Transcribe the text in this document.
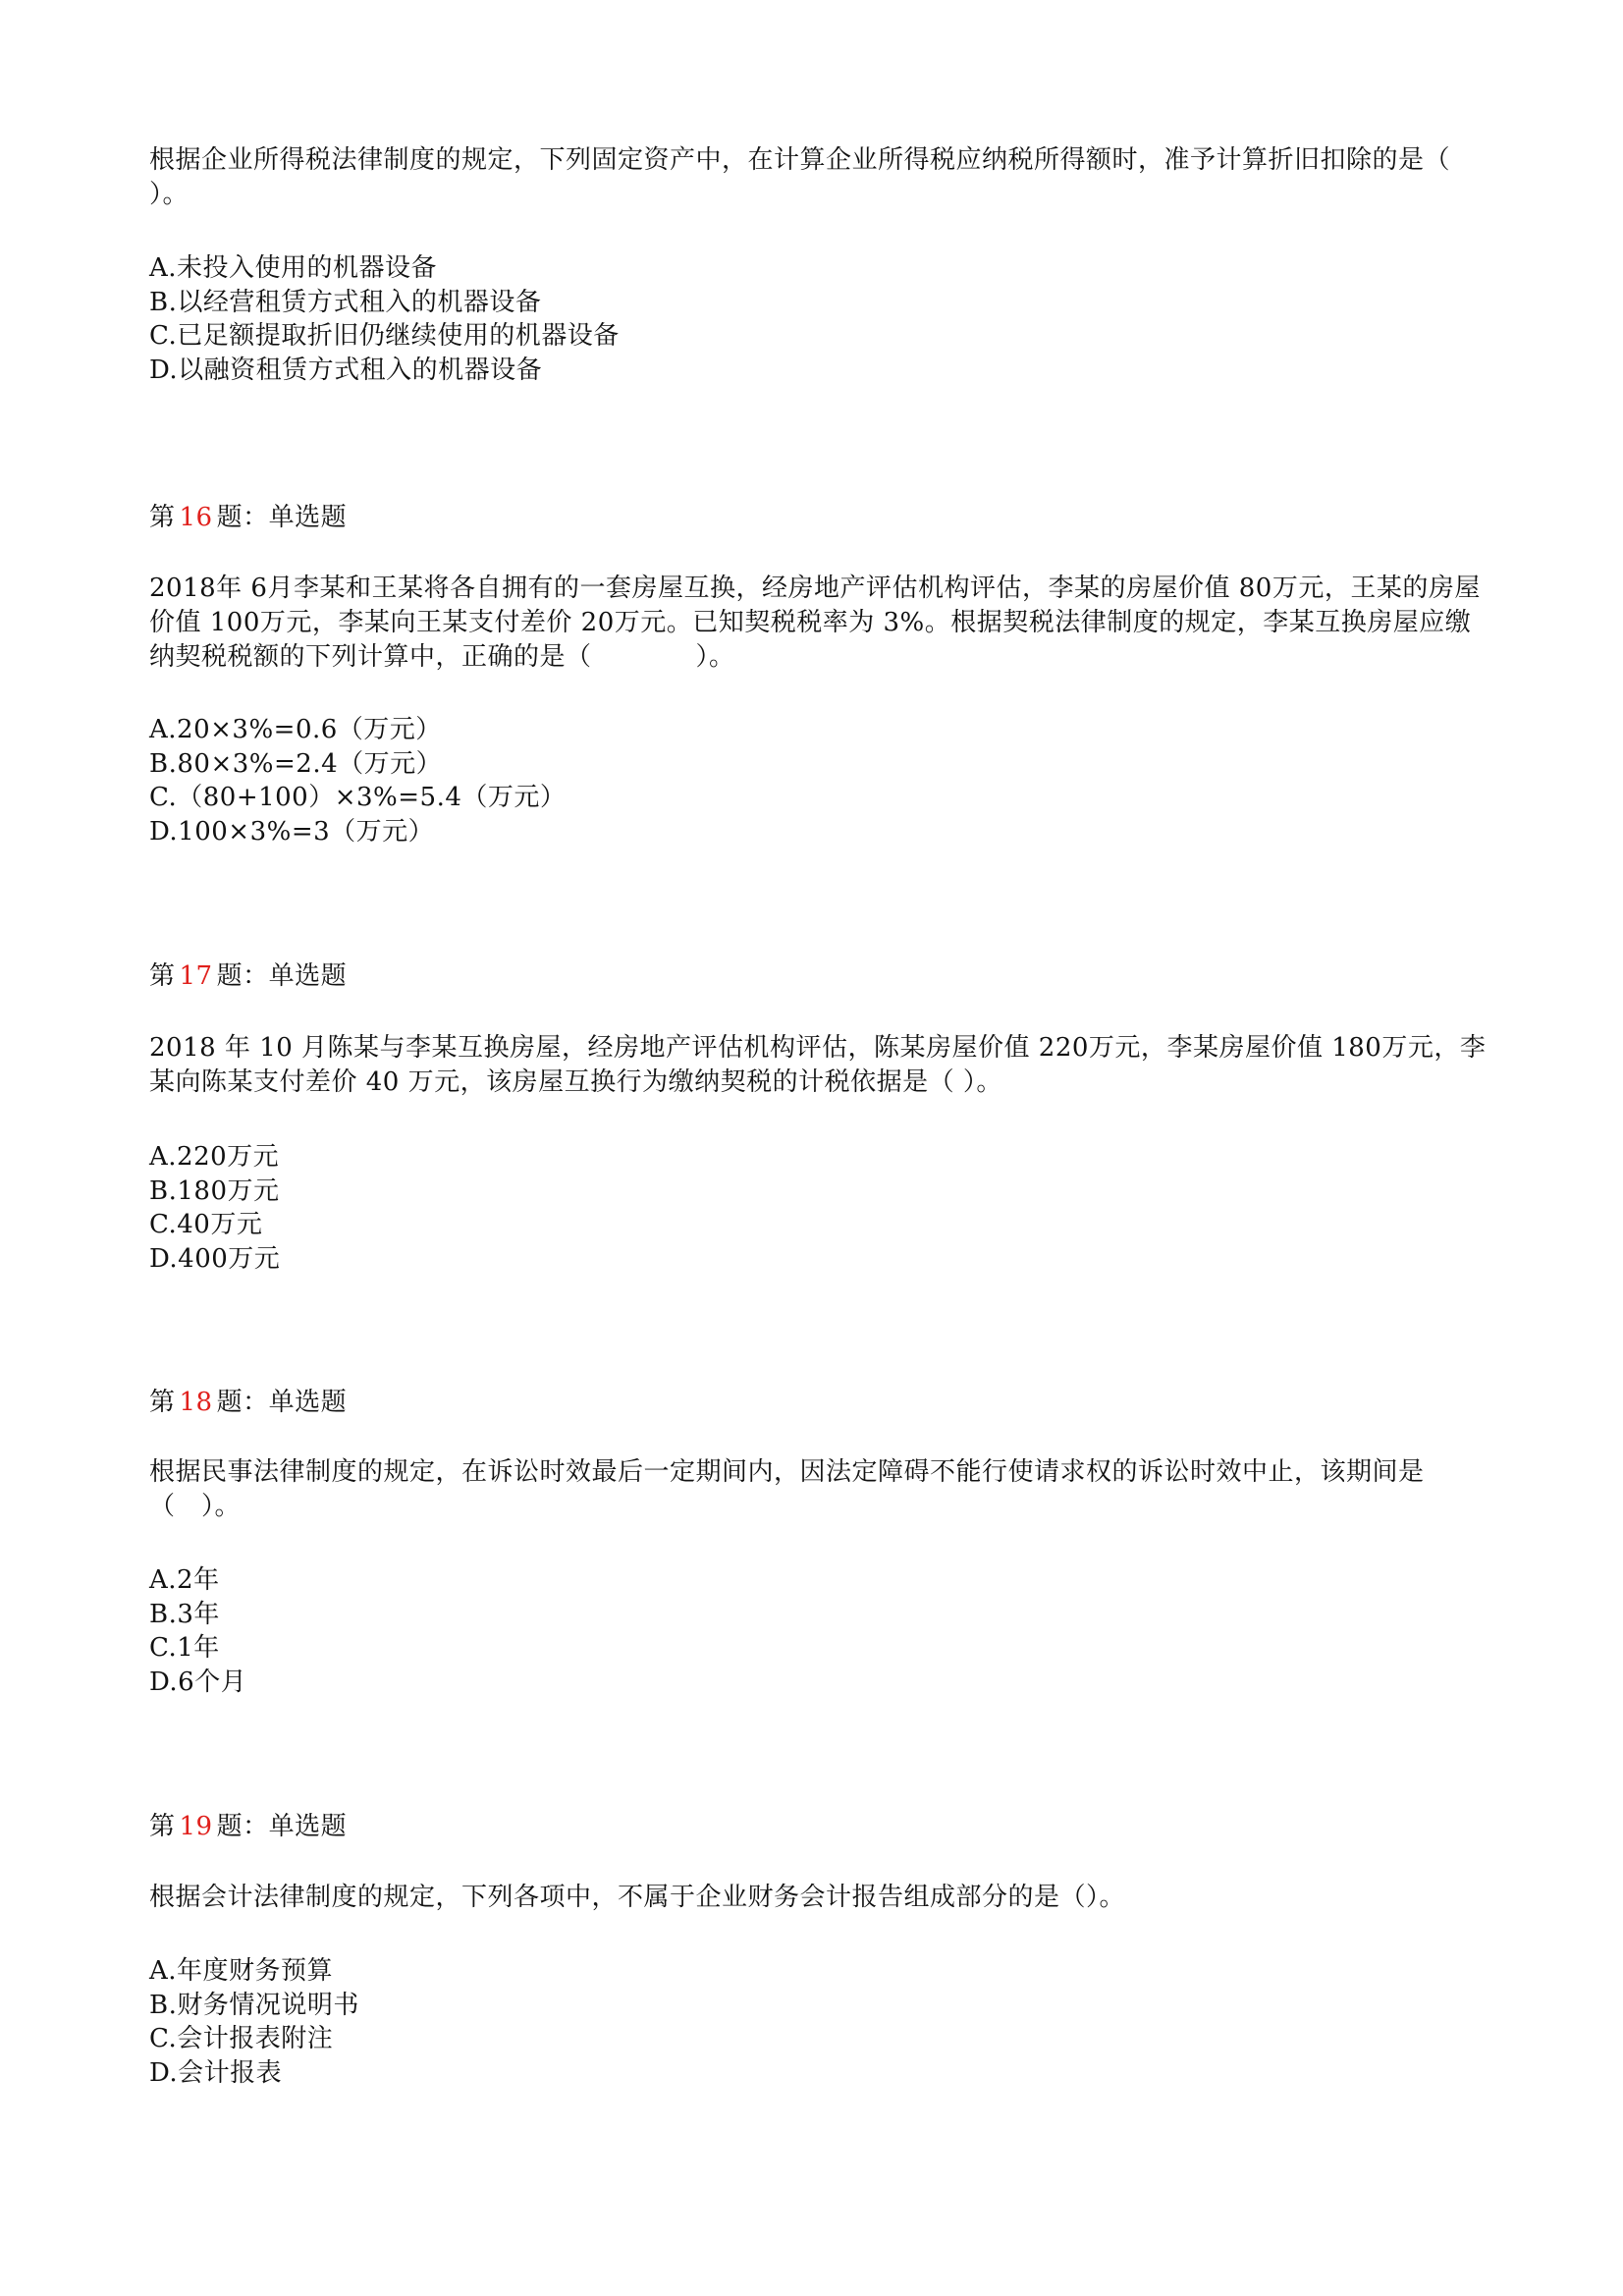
根据企业所得税法律制度的规定，下列固定资产中，在计算企业所得税应纳税所得额时，准予计算折旧扣除的是（ ）。

A.未投入使用的机器设备
B.以经营租赁方式租入的机器设备
C.已足额提取折旧仍继续使用的机器设备
D.以融资租赁方式租入的机器设备
第 16 题：单选题

2018年 6月李某和王某将各自拥有的一套房屋互换，经房地产评估机构评估，李某的房屋价值 80万元，王某的房屋价值 100万元，李某向王某支付差价 20万元。已知契税税率为 3%。根据契税法律制度的规定，李某互换房屋应缴纳契税税额的下列计算中，正确的是（　　　　）。

A.20×3%=0.6（万元）
B.80×3%=2.4（万元）
C.（80+100）×3%=5.4（万元）
D.100×3%=3（万元）
第 17 题：单选题

2018 年 10 月陈某与李某互换房屋，经房地产评估机构评估，陈某房屋价值 220万元，李某房屋价值 180万元，李某向陈某支付差价 40 万元，该房屋互换行为缴纳契税的计税依据是（ ）。

A.220万元
B.180万元
C.40万元
D.400万元
第 18 题：单选题

根据民事法律制度的规定，在诉讼时效最后一定期间内，因法定障碍不能行使请求权的诉讼时效中止，该期间是（　）。

A.2年
B.3年
C.1年
D.6个月
第 19 题：单选题

根据会计法律制度的规定，下列各项中，不属于企业财务会计报告组成部分的是（）。

A.年度财务预算
B.财务情况说明书
C.会计报表附注
D.会计报表
